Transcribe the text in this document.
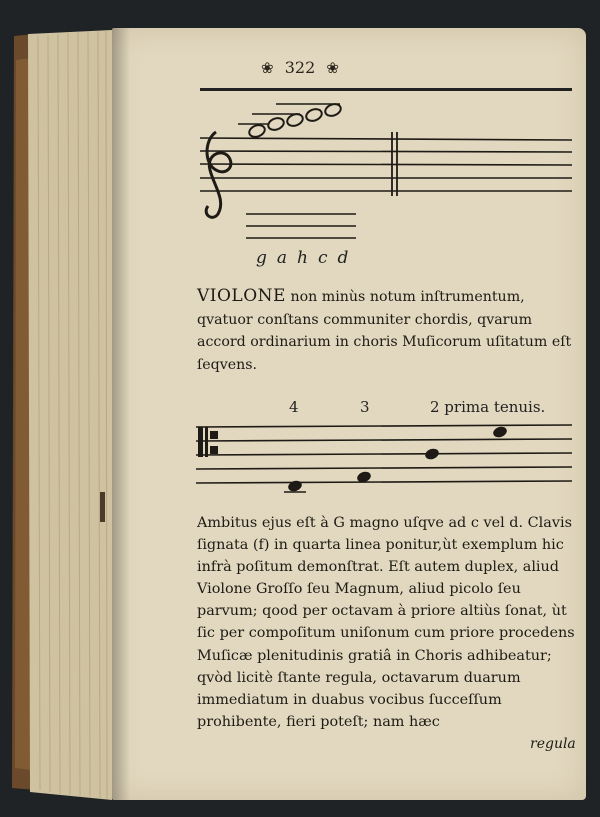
❀ 322 ❀
gahcd

VIOLONE non minùs notum inſtrumentum, qvatuor conſtans communiter chordis, qvarum accord ordinarium in choris Muſicorum uſitatum eſt ſeqvens.

4	3	2 prima tenuis.

Ambitus ejus eſt à G magno uſqve ad c vel d. Clavis ſignata (f) in quarta linea ponitur,ùt exemplum hic infrà poſitum demonſtrat. Eſt autem duplex, aliud Violone Groſſo ſeu Magnum, aliud picolo ſeu parvum; qood per octavam à priore altiùs ſonat, ùt ſic per compoſitum uniſonum cum priore procedens Muſicæ plenitudinis gratiâ in Choris adhibeatur; qvòd licitè ſtante regula, octavarum duarum immediatum in duabus vocibus ſucceſſum prohibente, fieri poteſt; nam hæc

regula
